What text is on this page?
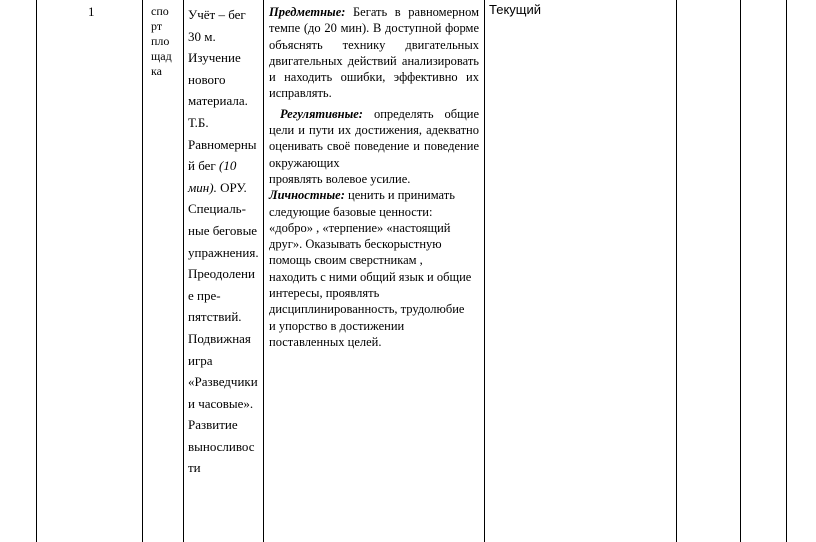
1	спо
рт
пло
щад
ка
Учёт – бег
30 м.
Изучение
нового
материала.
Т.Б.
Равномерны
й бег (10
мин). ОРУ.
Специаль-
ные беговые
упражнения.
Преодолени
е пре-
пятствий.
Подвижная
игра
«Разведчики
и часовые».
Развитие
выносливос
ти

Предметные: Бегать в равномерном

темпе (до 20 мин). В доступной форме

объяснять техникy двигательных

двигательных действий анализировать

и находить ошибки, эффективно их

исправлять.

Регулятивные: определять общие

цели и пути их достижения, адекватно

оценивать своё поведение и поведение

окружающих

проявлять волевое усилие.

Личностные: ценить и принимать

следующие базовые ценности:

«добро» , «терпение» «настоящий

друг». Оказывать бескорыстную

помощь своим сверстникам ,

находить с ними общий язык и общие

интересы, проявлять

дисциплинированность, трудолюбие

и упорство в достижении

поставленных целей.

Текущий
